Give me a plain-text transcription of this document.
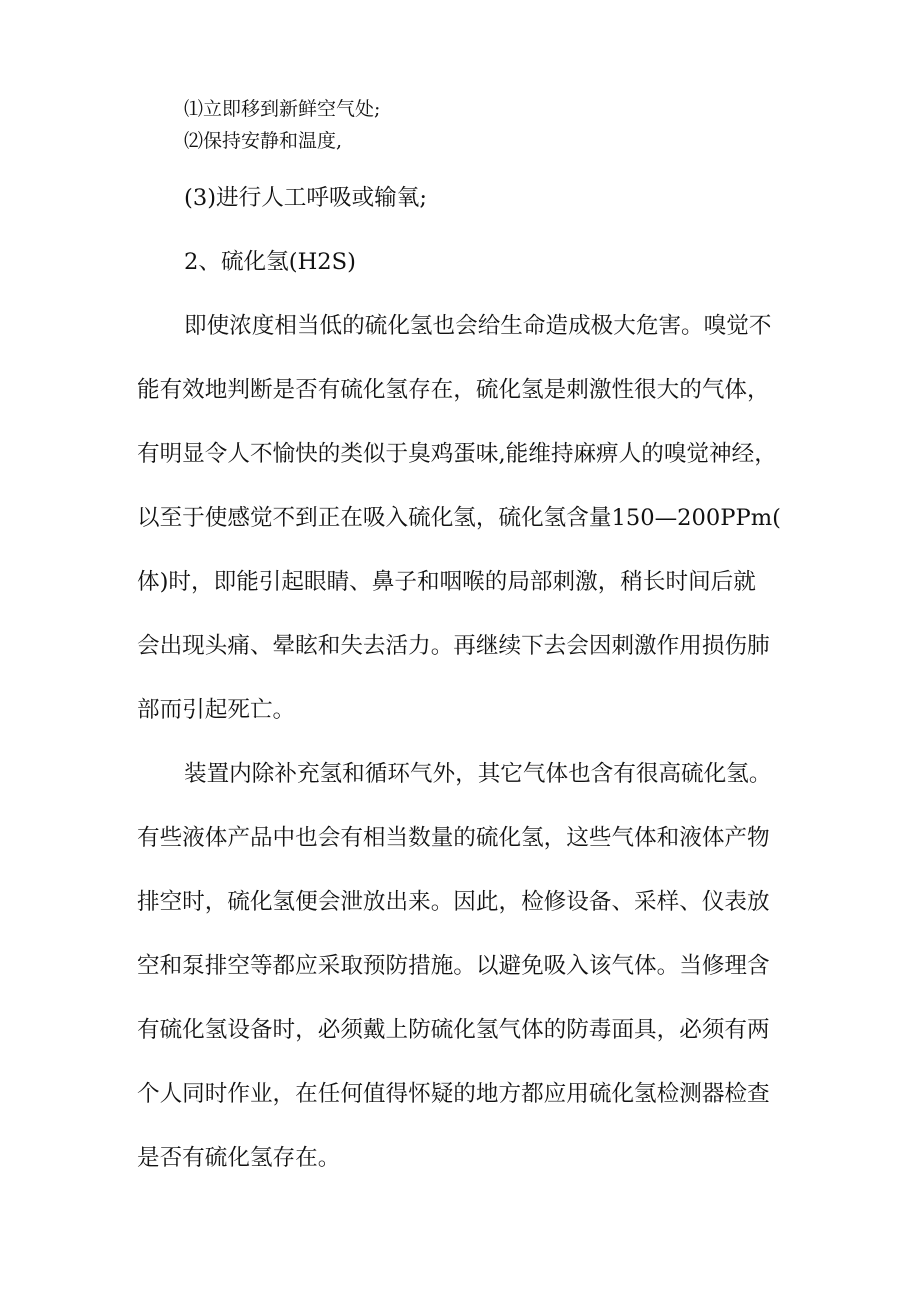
⑴立即移到新鲜空气处;

⑵保持安静和温度,

(3)进行人工呼吸或输氧;

2、硫化氢(H2S)

即使浓度相当低的硫化氢也会给生命造成极大危害。嗅觉不

能有效地判断是否有硫化氢存在，硫化氢是刺激性很大的气体，

有明显令人不愉快的类似于臭鸡蛋味,能维持麻痹人的嗅觉神经，

以至于使感觉不到正在吸入硫化氢，硫化氢含量150—200PPm(

体)时，即能引起眼睛、鼻子和咽喉的局部刺激，稍长时间后就

会出现头痛、晕眩和失去活力。再继续下去会因刺激作用损伤肺

部而引起死亡。

装置内除补充氢和循环气外，其它气体也含有很高硫化氢。

有些液体产品中也会有相当数量的硫化氢，这些气体和液体产物

排空时，硫化氢便会泄放出来。因此，检修设备、采样、仪表放

空和泵排空等都应采取预防措施。以避免吸入该气体。当修理含

有硫化氢设备时，必须戴上防硫化氢气体的防毒面具，必须有两

个人同时作业，在任何值得怀疑的地方都应用硫化氢检测器检查

是否有硫化氢存在。
